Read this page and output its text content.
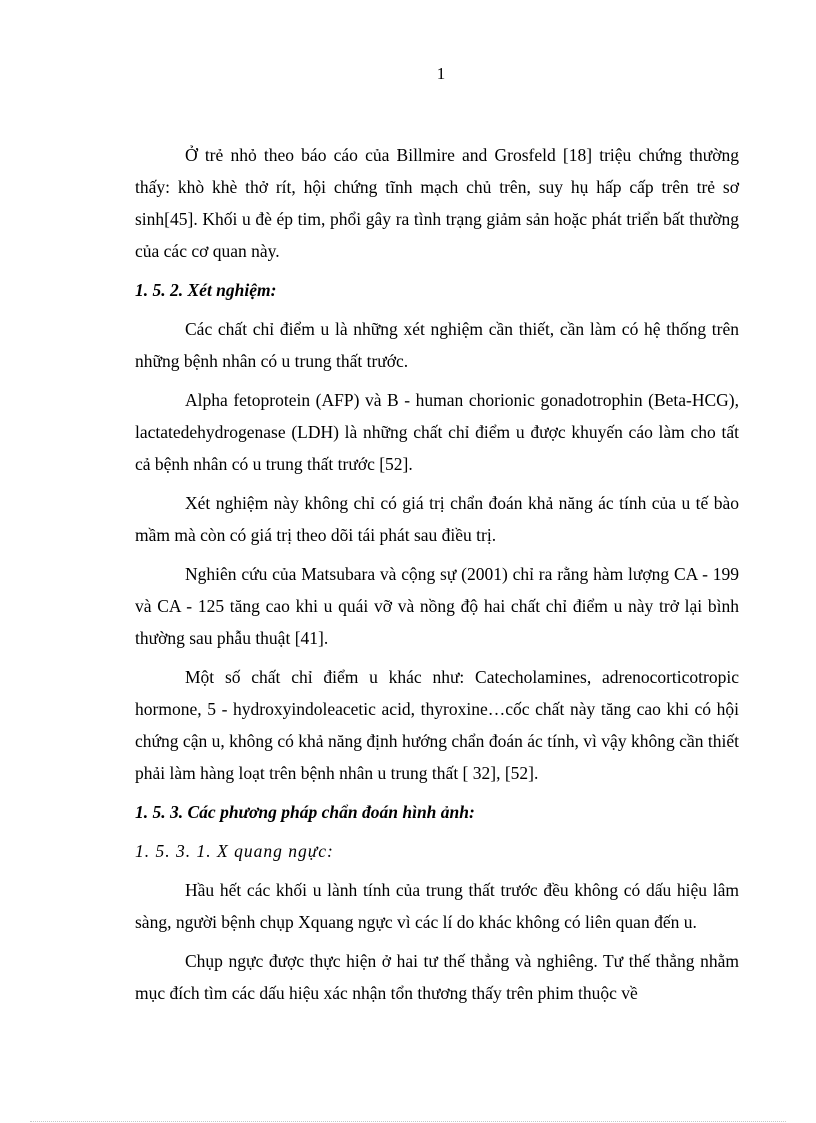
1

Ở trẻ nhỏ theo báo cáo của Billmire and Grosfeld [18] triệu chứng thường thấy: khò khè thở rít, hội chứng tĩnh mạch chủ trên, suy hụ hấp cấp trên trẻ sơ sinh[45]. Khối u đè ép tim, phổi gây ra tình trạng giảm sản hoặc phát triển bất thường của các cơ quan này.

1. 5. 2. Xét nghiệm:

Các chất chỉ điểm u là những xét nghiệm cần thiết, cần làm có hệ thống trên những bệnh nhân có u trung thất trước.

Alpha fetoprotein (AFP) và B - human chorionic gonadotrophin (Beta-HCG), lactatedehydrogenase (LDH) là những chất chỉ điểm u được khuyến cáo làm cho tất cả bệnh nhân có u trung thất trước [52].

Xét nghiệm này không chỉ có giá trị chẩn đoán khả năng ác tính của u tế bào mầm mà còn có giá trị theo dõi tái phát sau điều trị.

Nghiên cứu của Matsubara và cộng sự (2001) chỉ ra rằng hàm lượng CA - 199 và CA - 125 tăng cao khi u quái vỡ và nồng độ hai chất chỉ điểm u này trở lại bình thường sau phẫu thuật [41].

Một số chất chỉ điểm u khác như: Catecholamines, adrenocorticotropic hormone, 5 - hydroxyindoleacetic acid, thyroxine…cốc chất này tăng cao khi có hội chứng cận u, không có khả năng định hướng chẩn đoán ác tính, vì vậy không cần thiết phải làm hàng loạt trên bệnh nhân u trung thất [ 32], [52].

1. 5. 3. Các phương pháp chẩn đoán hình ảnh:

1. 5. 3. 1. X quang ngực:

Hầu hết các khối u lành tính của trung thất trước đều không có dấu hiệu lâm sàng, người bệnh chụp Xquang ngực vì các lí do khác không có liên quan đến u.

Chụp ngực được thực hiện ở hai tư thế thẳng và nghiêng. Tư thế thẳng nhằm mục đích tìm các dấu hiệu xác nhận tổn thương thấy trên phim thuộc về
